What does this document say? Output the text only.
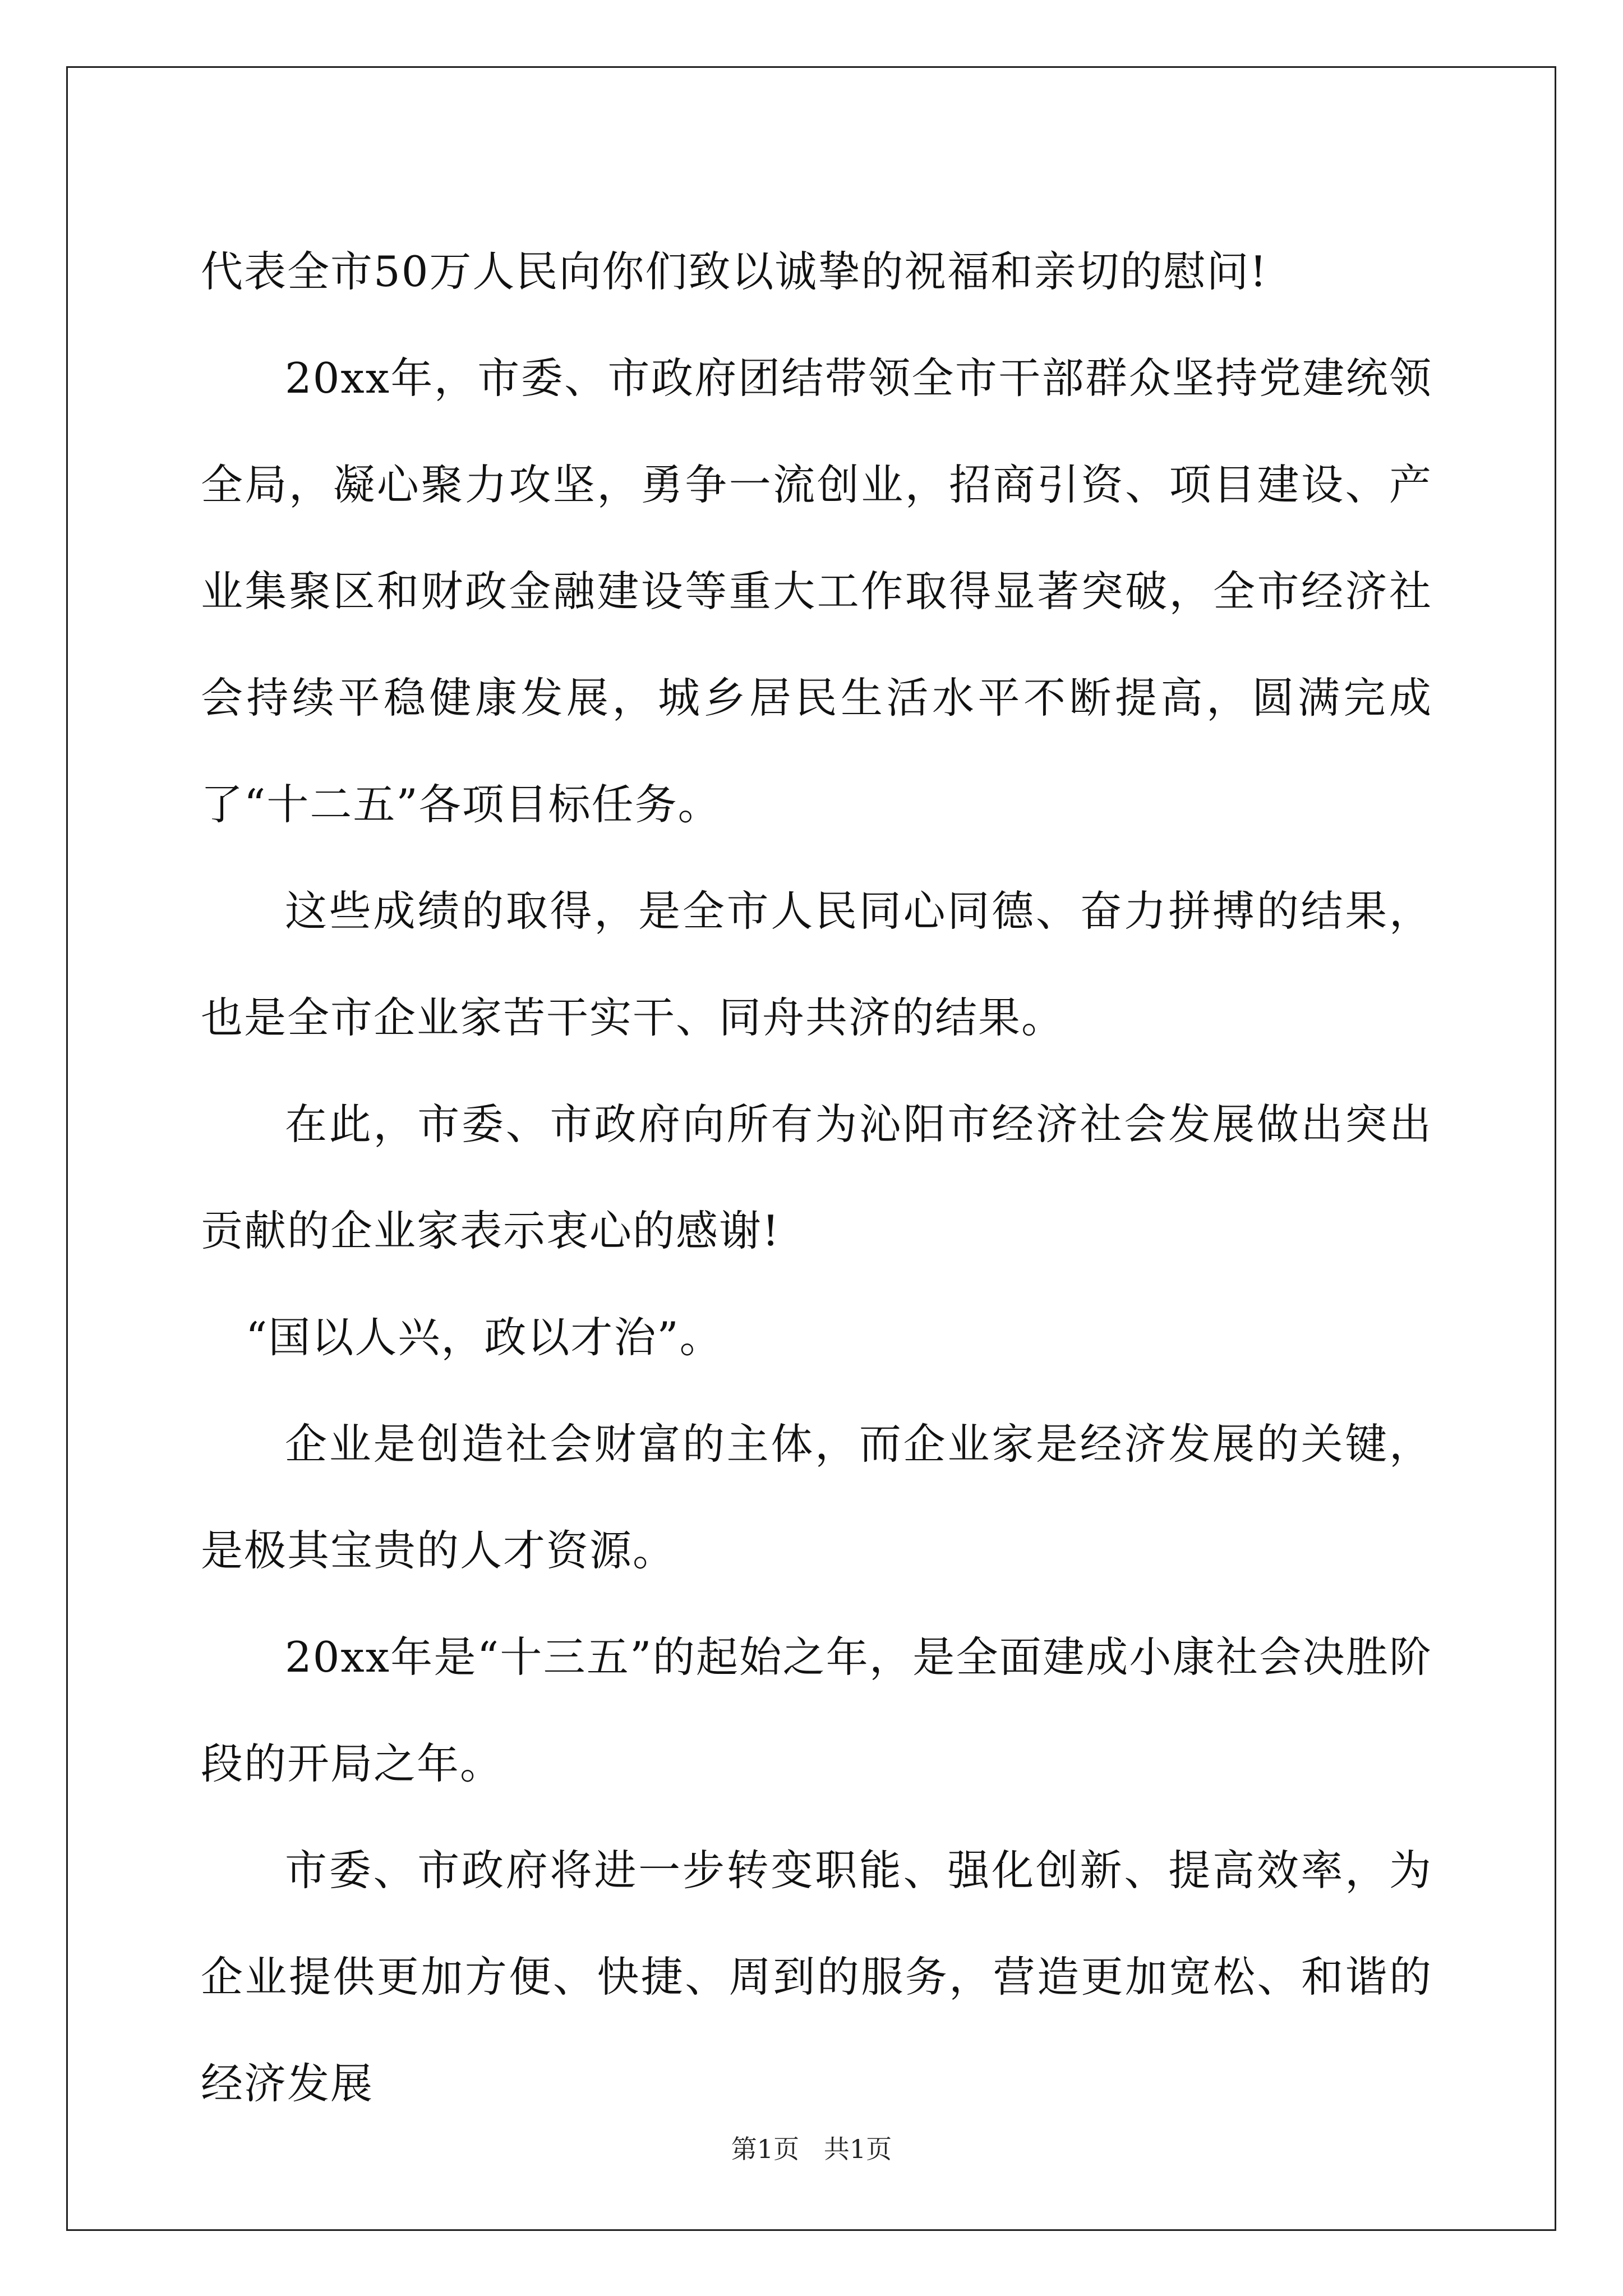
代表全市50万人民向你们致以诚挚的祝福和亲切的慰问!

20xx年，市委、市政府团结带领全市干部群众坚持党建统领全局，凝心聚力攻坚，勇争一流创业，招商引资、项目建设、产业集聚区和财政金融建设等重大工作取得显著突破，全市经济社会持续平稳健康发展，城乡居民生活水平不断提高，圆满完成了“十二五”各项目标任务。

这些成绩的取得，是全市人民同心同德、奋力拼搏的结果，也是全市企业家苦干实干、同舟共济的结果。

在此，市委、市政府向所有为沁阳市经济社会发展做出突出贡献的企业家表示衷心的感谢!

“国以人兴，政以才治”。

企业是创造社会财富的主体，而企业家是经济发展的关键，是极其宝贵的人才资源。

20xx年是“十三五”的起始之年，是全面建成小康社会决胜阶段的开局之年。

市委、市政府将进一步转变职能、强化创新、提高效率，为企业提供更加方便、快捷、周到的服务，营造更加宽松、和谐的经济发展

第1页   共1页
